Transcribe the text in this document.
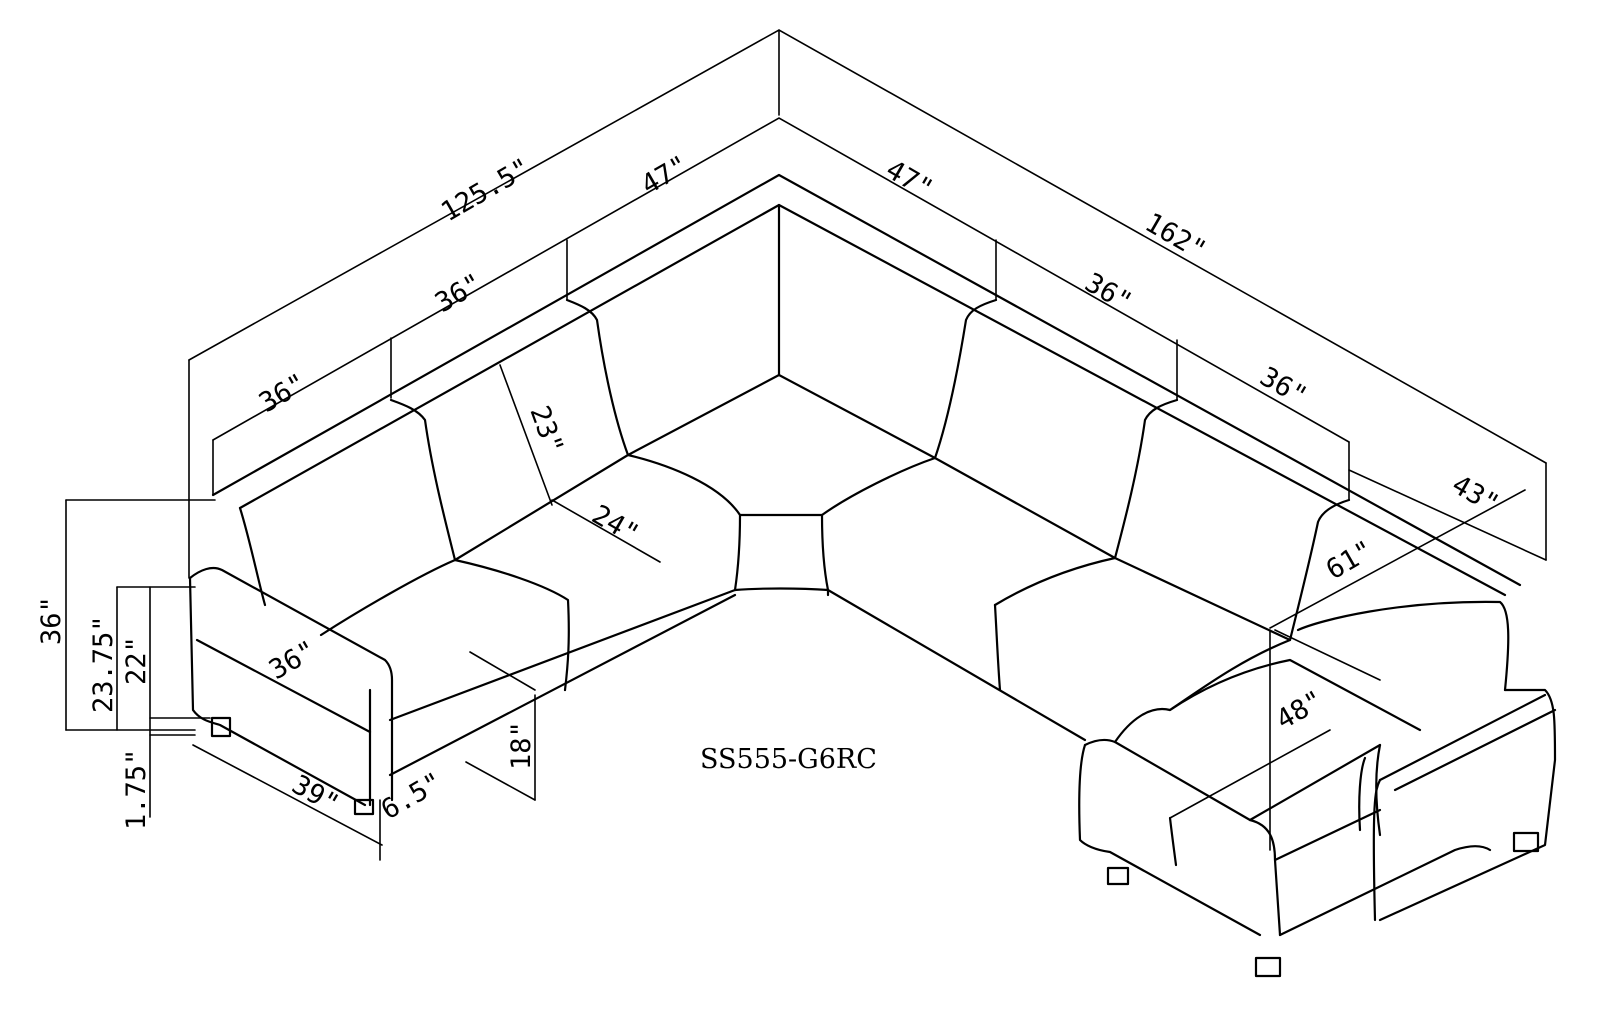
125.5"	47"	47"
162"
36"
36"
36"
36"
43"
61"
48"
23"
24"
36"
39" 6.5"
36" 23.75" 22"
1.75"
18"	SS555-G6RC
